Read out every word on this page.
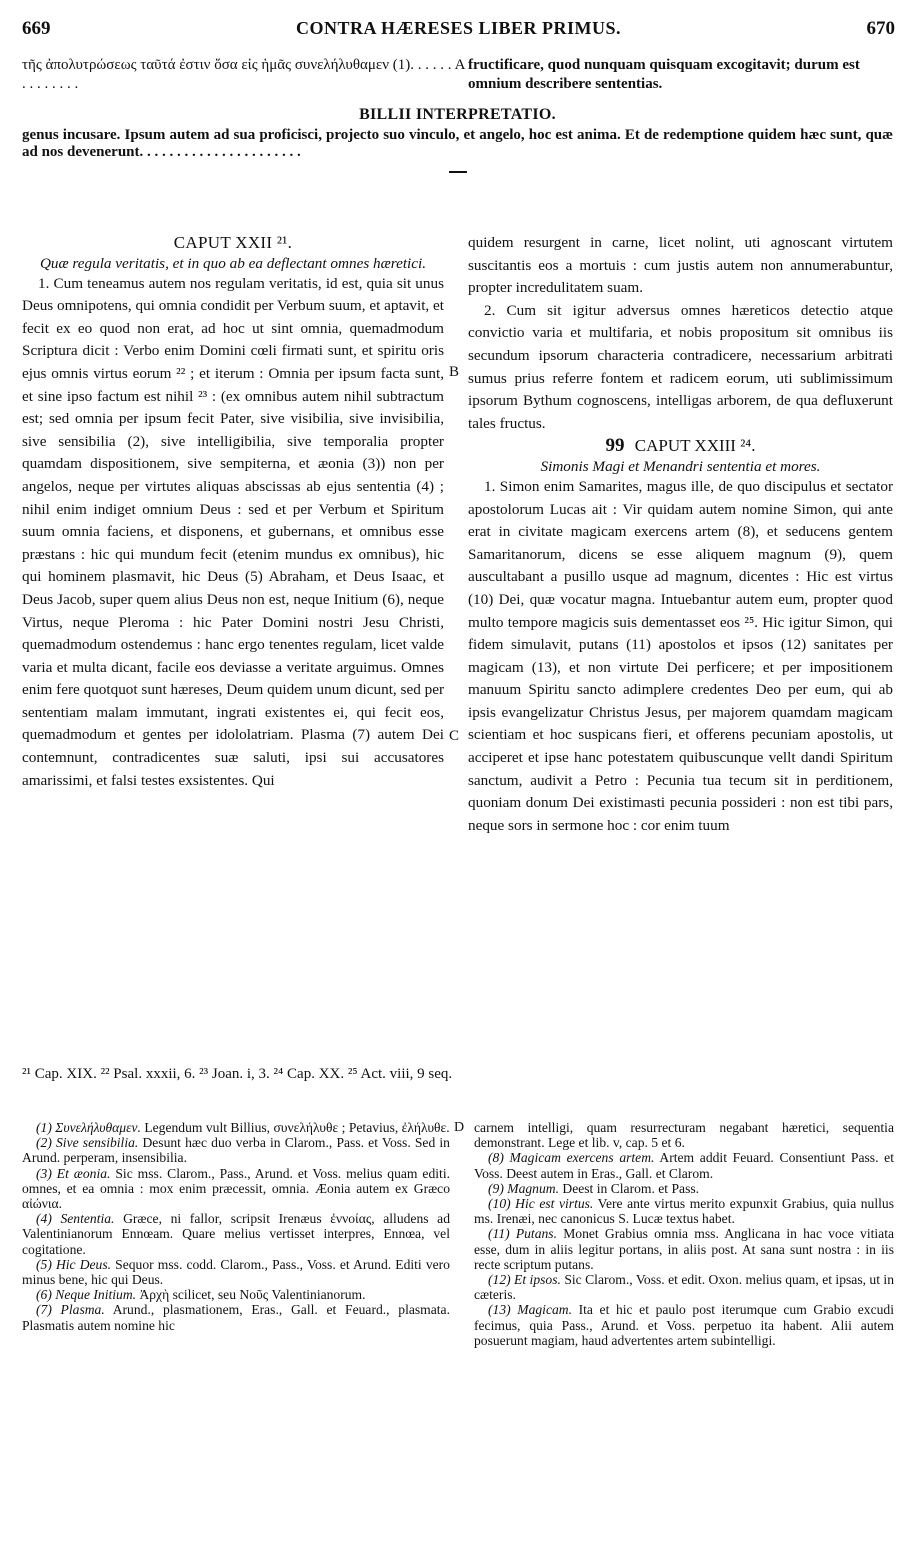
669	CONTRA HÆRESES LIBER PRIMUS.	670
τῆς ἀπολυτρώσεως ταῦτά ἐστιν ὅσα εἰς ἡμᾶς συνελήλυθαμεν (1). . . . . . . . . . . . . .
A fructificare, quod nunquam quisquam excogitavit; durum est omnium describere sententias.
BILLII INTERPRETATIO.
genus incusare. Ipsum autem ad sua proficisci, projecto suo vinculo, et angelo, hoc est anima. Et de redemptione quidem hæc sunt, quæ ad nos devenerunt. . . . . . . . . . . . . . . . . . . . . .

CAPUT XXII ²¹.

Quæ regula veritatis, et in quo ab ea deflectant omnes hæretici.

1. Cum teneamus autem nos regulam veritatis, id est, quia sit unus Deus omnipotens, qui omnia condidit per Verbum suum, et aptavit, et fecit ex eo quod non erat, ad hoc ut sint omnia, quemadmodum Scriptura dicit : Verbo enim Domini cœli firmati sunt, et spiritu oris ejus omnis virtus eorum ²² ; et iterum : Omnia per ipsum facta sunt, et sine ipso factum est nihil ²³ : (ex omnibus autem nihil subtractum est; sed omnia per ipsum fecit Pater, sive visibilia, sive invisibilia, sive sensibilia (2), sive intelligibilia, sive temporalia propter quamdam dispositionem, sive sempiterna, et æonia (3)) non per angelos, neque per virtutes aliquas abscissas ab ejus sententia (4) ; nihil enim indiget omnium Deus : sed et per Verbum et Spiritum suum omnia faciens, et disponens, et gubernans, et omnibus esse præstans : hic qui mundum fecit (etenim mundus ex omnibus), hic qui hominem plasmavit, hic Deus (5) Abraham, et Deus Isaac, et Deus Jacob, super quem alius Deus non est, neque Initium (6), neque Virtus, neque Pleroma : hic Pater Domini nostri Jesu Christi, quemadmodum ostendemus : hanc ergo tenentes regulam, licet valde varia et multa dicant, facile eos deviasse a veritate arguimus. Omnes enim fere quotquot sunt hæreses, Deum quidem unum dicunt, sed per sententiam malam immutant, ingrati existentes ei, qui fecit eos, quemadmodum et gentes per idololatriam. Plasma (7) autem Dei contemnunt, contradicentes suæ saluti, ipsi sui accusatores amarissimi, et falsi testes exsistentes. Qui

B
C

quidem resurgent in carne, licet nolint, uti agnoscant virtutem suscitantis eos a mortuis : cum justis autem non annumerabuntur, propter incredulitatem suam.

2. Cum sit igitur adversus omnes hæreticos detectio atque convictio varia et multifaria, et nobis propositum sit omnibus iis secundum ipsorum characteria contradicere, necessarium arbitrati sumus prius referre fontem et radicem eorum, uti sublimissimum ipsorum Bythum cognoscens, intelligas arborem, de qua defluxerunt tales fructus.

99 CAPUT XXIII ²⁴.

Simonis Magi et Menandri sententia et mores.

1. Simon enim Samarites, magus ille, de quo discipulus et sectator apostolorum Lucas ait : Vir quidam autem nomine Simon, qui ante erat in civitate magicam exercens artem (8), et seducens gentem Samaritanorum, dicens se esse aliquem magnum (9), quem auscultabant a pusillo usque ad magnum, dicentes : Hic est virtus (10) Dei, quæ vocatur magna. Intuebantur autem eum, propter quod multo tempore magicis suis dementasset eos ²⁵. Hic igitur Simon, qui fidem simulavit, putans (11) apostolos et ipsos (12) sanitates per magicam (13), et non virtute Dei perficere; et per impositionem manuum Spiritu sancto adimplere credentes Deo per eum, qui ab ipsis evangelizatur Christus Jesus, per majorem quamdam magicam scientiam et hoc suspicans fieri, et offerens pecuniam apostolis, ut acciperet et ipse hanc potestatem quibuscunque vellt dandi Spiritum sanctum, audivit a Petro : Pecunia tua tecum sit in perditionem, quoniam donum Dei existimasti pecunia possideri : non est tibi pars, neque sors in sermone hoc : cor enim tuum

²¹ Cap. XIX. ²² Psal. xxxii, 6. ²³ Joan. i, 3. ²⁴ Cap. XX. ²⁵ Act. viii, 9 seq.

(1) Συνελήλυθαμεν. Legendum vult Billius, συνελήλυθε ; Petavius, ἐλήλυθε.

(2) Sive sensibilia. Desunt hæc duo verba in Clarom., Pass. et Voss. Sed in Arund. perperam, insensibilia.

(3) Et æonia. Sic mss. Clarom., Pass., Arund. et Voss. melius quam editi. omnes, et ea omnia : mox enim præcessit, omnia. Æonia autem ex Græco αἰώνια.

(4) Sententia. Græce, ni fallor, scripsit Irenæus ἐννοίας, alludens ad Valentinianorum Ennœam. Quare melius vertisset interpres, Ennœa, vel cogitatione.

(5) Hic Deus. Sequor mss. codd. Clarom., Pass., Voss. et Arund. Editi vero minus bene, hic qui Deus.

(6) Neque Initium. Ἀρχὴ scilicet, seu Νοῦς Valentinianorum.

(7) Plasma. Arund., plasmationem, Eras., Gall. et Feuard., plasmata. Plasmatis autem nomine hic

D carnem intelligi, quam resurrecturam negabant hæretici, sequentia demonstrant. Lege et lib. v, cap. 5 et 6.

(8) Magicam exercens artem. Artem addit Feuard. Consentiunt Pass. et Voss. Deest autem in Eras., Gall. et Clarom.

(9) Magnum. Deest in Clarom. et Pass.

(10) Hic est virtus. Vere ante virtus merito expunxit Grabius, quia nullus ms. Irenæi, nec canonicus S. Lucæ textus habet.

(11) Putans. Monet Grabius omnia mss. Anglicana in hac voce vitiata esse, dum in aliis legitur portans, in aliis post. At sana sunt nostra : in iis recte scriptum putans.

(12) Et ipsos. Sic Clarom., Voss. et edit. Oxon. melius quam, et ipsas, ut in cæteris.

(13) Magicam. Ita et hic et paulo post iterumque cum Grabio excudi fecimus, quia Pass., Arund. et Voss. perpetuo ita habent. Alii autem posuerunt magiam, haud advertentes artem subintelligi.
